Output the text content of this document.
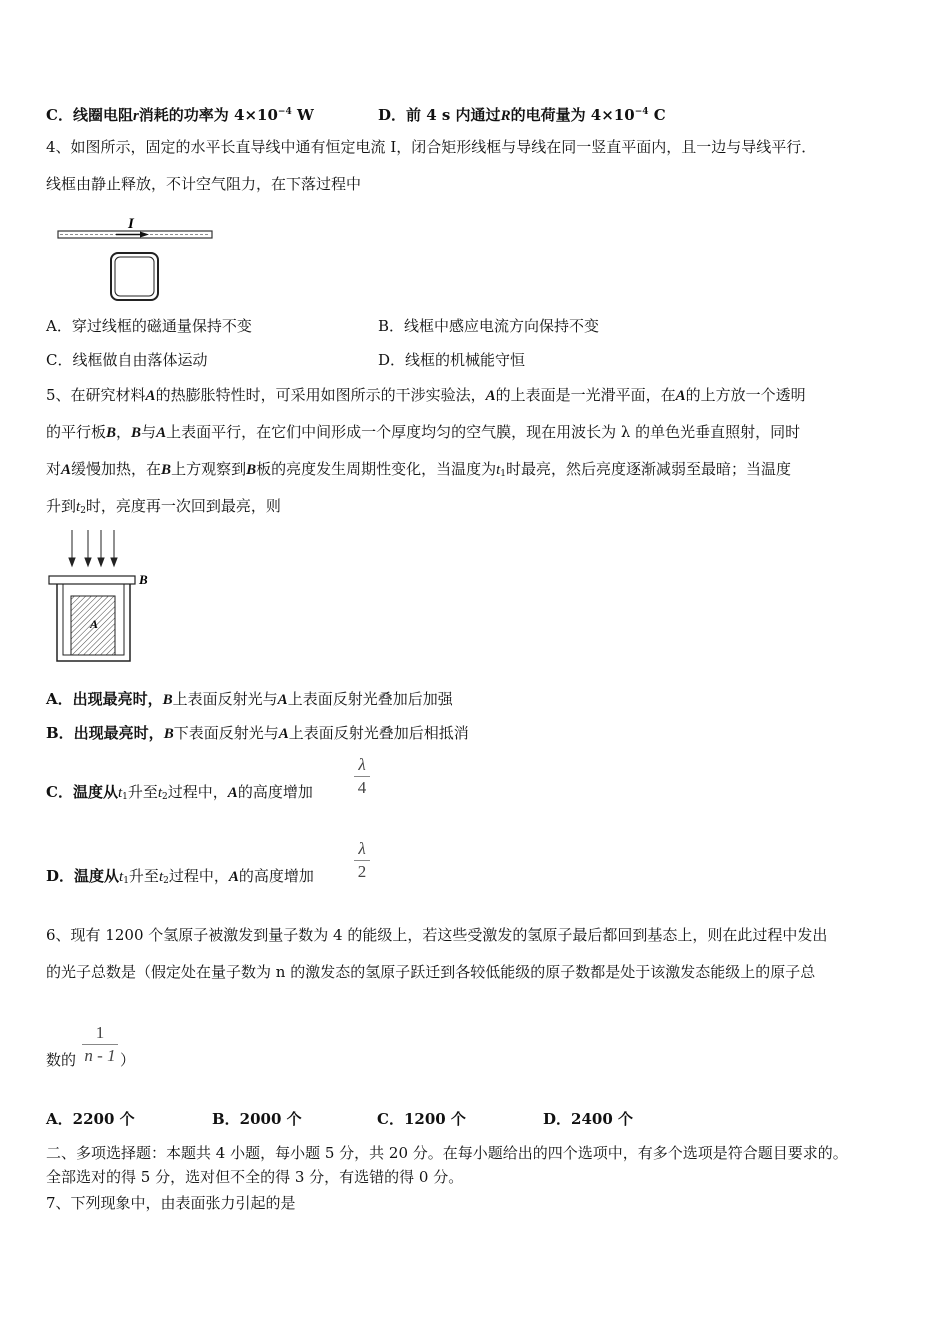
C．线圈电阻r消耗的功率为 $4\times 10^{-4}$ W	D．前 4 s 内通过R的电荷量为 $4\times 10^{-4}$ C
4、如图所示，固定的水平长直导线中通有恒定电流 I，闭合矩形线框与导线在同一竖直平面内，且一边与导线平行．
线框由静止释放，不计空气阻力，在下落过程中
I
A．穿过线框的磁通量保持不变	B．线框中感应电流方向保持不变
C．线框做自由落体运动	D．线框的机械能守恒
5、在研究材料A的热膨胀特性时，可采用如图所示的干涉实验法，A的上表面是一光滑平面，在A的上方放一个透明
的平行板B，B与A上表面平行，在它们中间形成一个厚度均匀的空气膜，现在用波长为 λ 的单色光垂直照射，同时
对A缓慢加热，在B上方观察到B板的亮度发生周期性变化，当温度为$t_1$时最亮，然后亮度逐渐减弱至最暗；当温度
升到$t_2$时，亮度再一次回到最亮，则
B
A
A．出现最亮时，B上表面反射光与A上表面反射光叠加后加强
B．出现最亮时，B下表面反射光与A上表面反射光叠加后相抵消
C．温度从$t_1$升至$t_2$过程中，A的高度增加
λ
4
D．温度从$t_1$升至$t_2$过程中，A的高度增加
λ
2
6、现有 1200 个氢原子被激发到量子数为 4 的能级上，若这些受激发的氢原子最后都回到基态上，则在此过程中发出
的光子总数是（假定处在量子数为 n 的激发态的氢原子跃迁到各较低能级的原子数都是处于该激发态能级上的原子总
数的
1
n - 1 ）
A．2200 个	B．2000 个	C．1200 个	D．2400 个
二、多项选择题：本题共 4 小题，每小题 5 分，共 20 分。在每小题给出的四个选项中，有多个选项是符合题目要求的。
全部选对的得 5 分，选对但不全的得 3 分，有选错的得 0 分。
7、下列现象中，由表面张力引起的是
